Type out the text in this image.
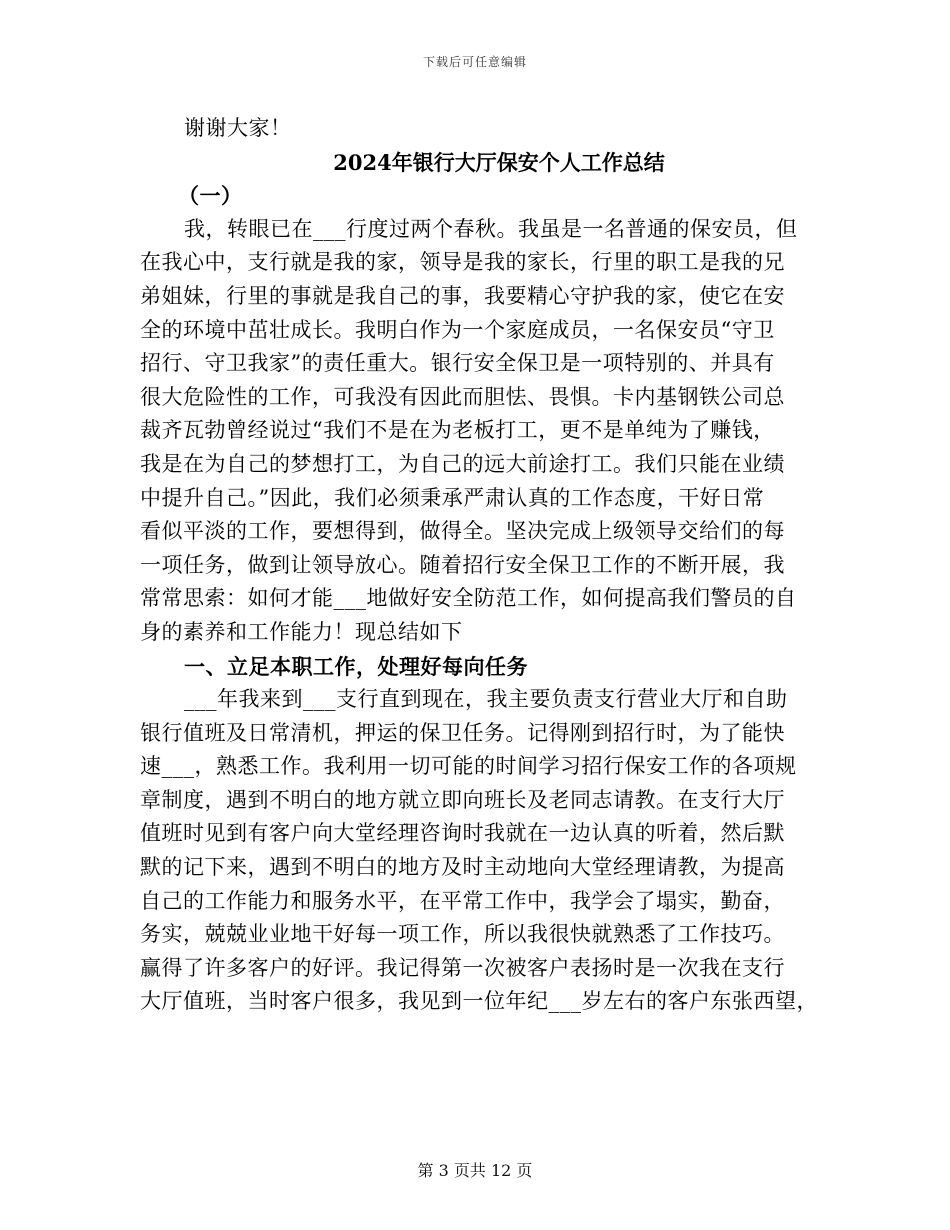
下载后可任意编辑
谢谢大家！
2024年银行大厅保安个人工作总结
（一）
我，转眼已在___行度过两个春秋。我虽是一名普通的保安员，但
在我心中，支行就是我的家，领导是我的家长，行里的职工是我的兄
弟姐妹，行里的事就是我自己的事，我要精心守护我的家，使它在安
全的环境中茁壮成长。我明白作为一个家庭成员，一名保安员“守卫
招行、守卫我家”的责任重大。银行安全保卫是一项特别的、并具有
很大危险性的工作，可我没有因此而胆怯、畏惧。卡内基钢铁公司总
裁齐瓦勃曾经说过“我们不是在为老板打工，更不是单纯为了赚钱，
我是在为自己的梦想打工，为自己的远大前途打工。我们只能在业绩
中提升自己。”因此，我们必须秉承严肃认真的工作态度，干好日常
看似平淡的工作，要想得到，做得全。坚决完成上级领导交给们的每
一项任务，做到让领导放心。随着招行安全保卫工作的不断开展，我
常常思索：如何才能___地做好安全防范工作，如何提高我们警员的自
身的素养和工作能力！现总结如下
一、立足本职工作，处理好每向任务
___年我来到___支行直到现在，我主要负责支行营业大厅和自助
银行值班及日常清机，押运的保卫任务。记得刚到招行时，为了能快
速___，熟悉工作。我利用一切可能的时间学习招行保安工作的各项规
章制度，遇到不明白的地方就立即向班长及老同志请教。在支行大厅
值班时见到有客户向大堂经理咨询时我就在一边认真的听着，然后默
默的记下来，遇到不明白的地方及时主动地向大堂经理请教，为提高
自己的工作能力和服务水平，在平常工作中，我学会了塌实，勤奋，
务实，兢兢业业地干好每一项工作，所以我很快就熟悉了工作技巧。
赢得了许多客户的好评。我记得第一次被客户表扬时是一次我在支行
大厅值班，当时客户很多，我见到一位年纪___岁左右的客户东张西望，
第 3 页共 12 页
